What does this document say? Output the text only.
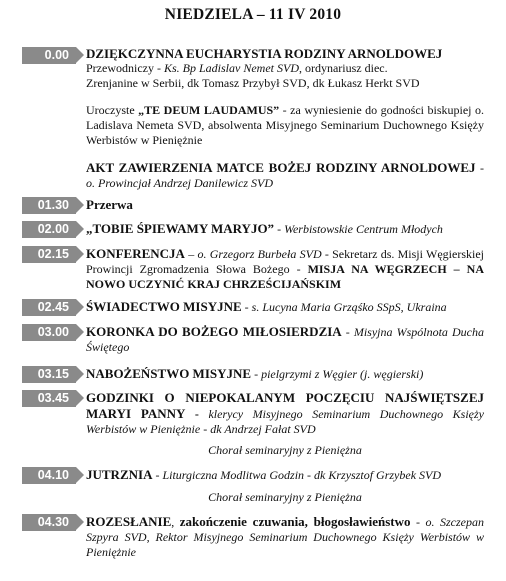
NIEDZIELA – 11 IV 2010
0.00	DZIĘKCZYNNA EUCHARYSTIA RODZINY ARNOLDOWEJ
Przewodniczy - Ks. Bp Ladislav Nemet SVD, ordynariusz diec.
Zrenjanine w Serbii, dk Tomasz Przybył SVD, dk Łukasz Herkt SVD
Uroczyste „TE DEUM LAUDAMUS” - za wyniesienie do godności biskupiej o. Ladislava Nemeta SVD, absolwenta Misyjnego Seminarium Duchownego Księży Werbistów w Pieniężnie
AKT ZAWIERZENIA MATCE BOŻEJ RODZINY ARNOLDOWEJ - o. Prowincjał Andrzej Danilewicz SVD
01.30	Przerwa
02.00	„TOBIE ŚPIEWAMY MARYJO” - Werbistowskie Centrum Młodych
02.15	KONFERENCJA – o. Grzegorz Burbeła SVD - Sekretarz ds. Misji Węgierskiej Prowincji Zgromadzenia Słowa Bożego - MISJA NA WĘGRZECH – NA NOWO UCZYNIĆ KRAJ CHRZEŚCIJAŃSKIM
02.45	ŚWIADECTWO MISYJNE - s. Lucyna Maria Grząśko SSpS, Ukraina
03.00	KORONKA DO BOŻEGO MIŁOSIERDZIA - Misyjna Wspólnota Ducha Świętego
03.15	NABOŻEŃSTWO MISYJNE - pielgrzymi z Węgier (j. węgierski)
03.45	GODZINKI O NIEPOKALANYM POCZĘCIU NAJŚWIĘTSZEJ MARYI PANNY - klerycy Misyjnego Seminarium Duchownego Księży Werbistów w Pieniężnie - dk Andrzej Fałat SVD
Chorał seminaryjny z Pieniężna
04.10	JUTRZNIA - Liturgiczna Modlitwa Godzin - dk Krzysztof Grzybek SVD
Chorał seminaryjny z Pieniężna
04.30	ROZESŁANIE, zakończenie czuwania, błogosławieństwo - o. Szczepan Szpyra SVD, Rektor Misyjnego Seminarium Duchownego Księży Werbistów w Pieniężnie
